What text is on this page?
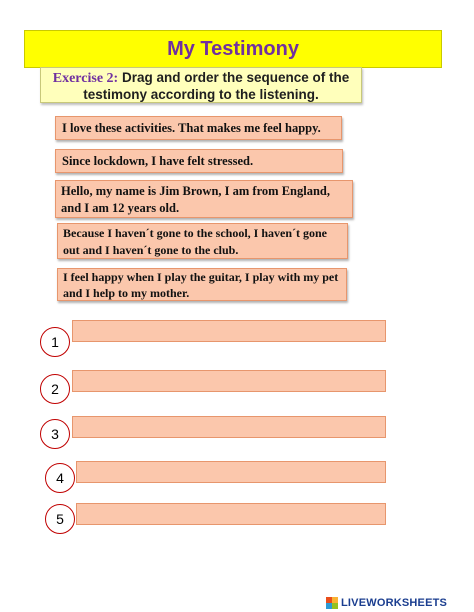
My Testimony
Exercise 2: Drag and order the sequence of the
testimony according to the listening.
I love these activities. That makes me feel happy.
Since lockdown, I have felt stressed.
Hello, my name is Jim Brown, I am from England, and I am 12 years old.
Because I haven´t gone to the school, I haven´t gone out and I haven´t gone to the club.
I feel happy when I play the guitar, I play with my pet and I help to my mother.
1
2
3
4
5
LIVEWORKSHEETS
